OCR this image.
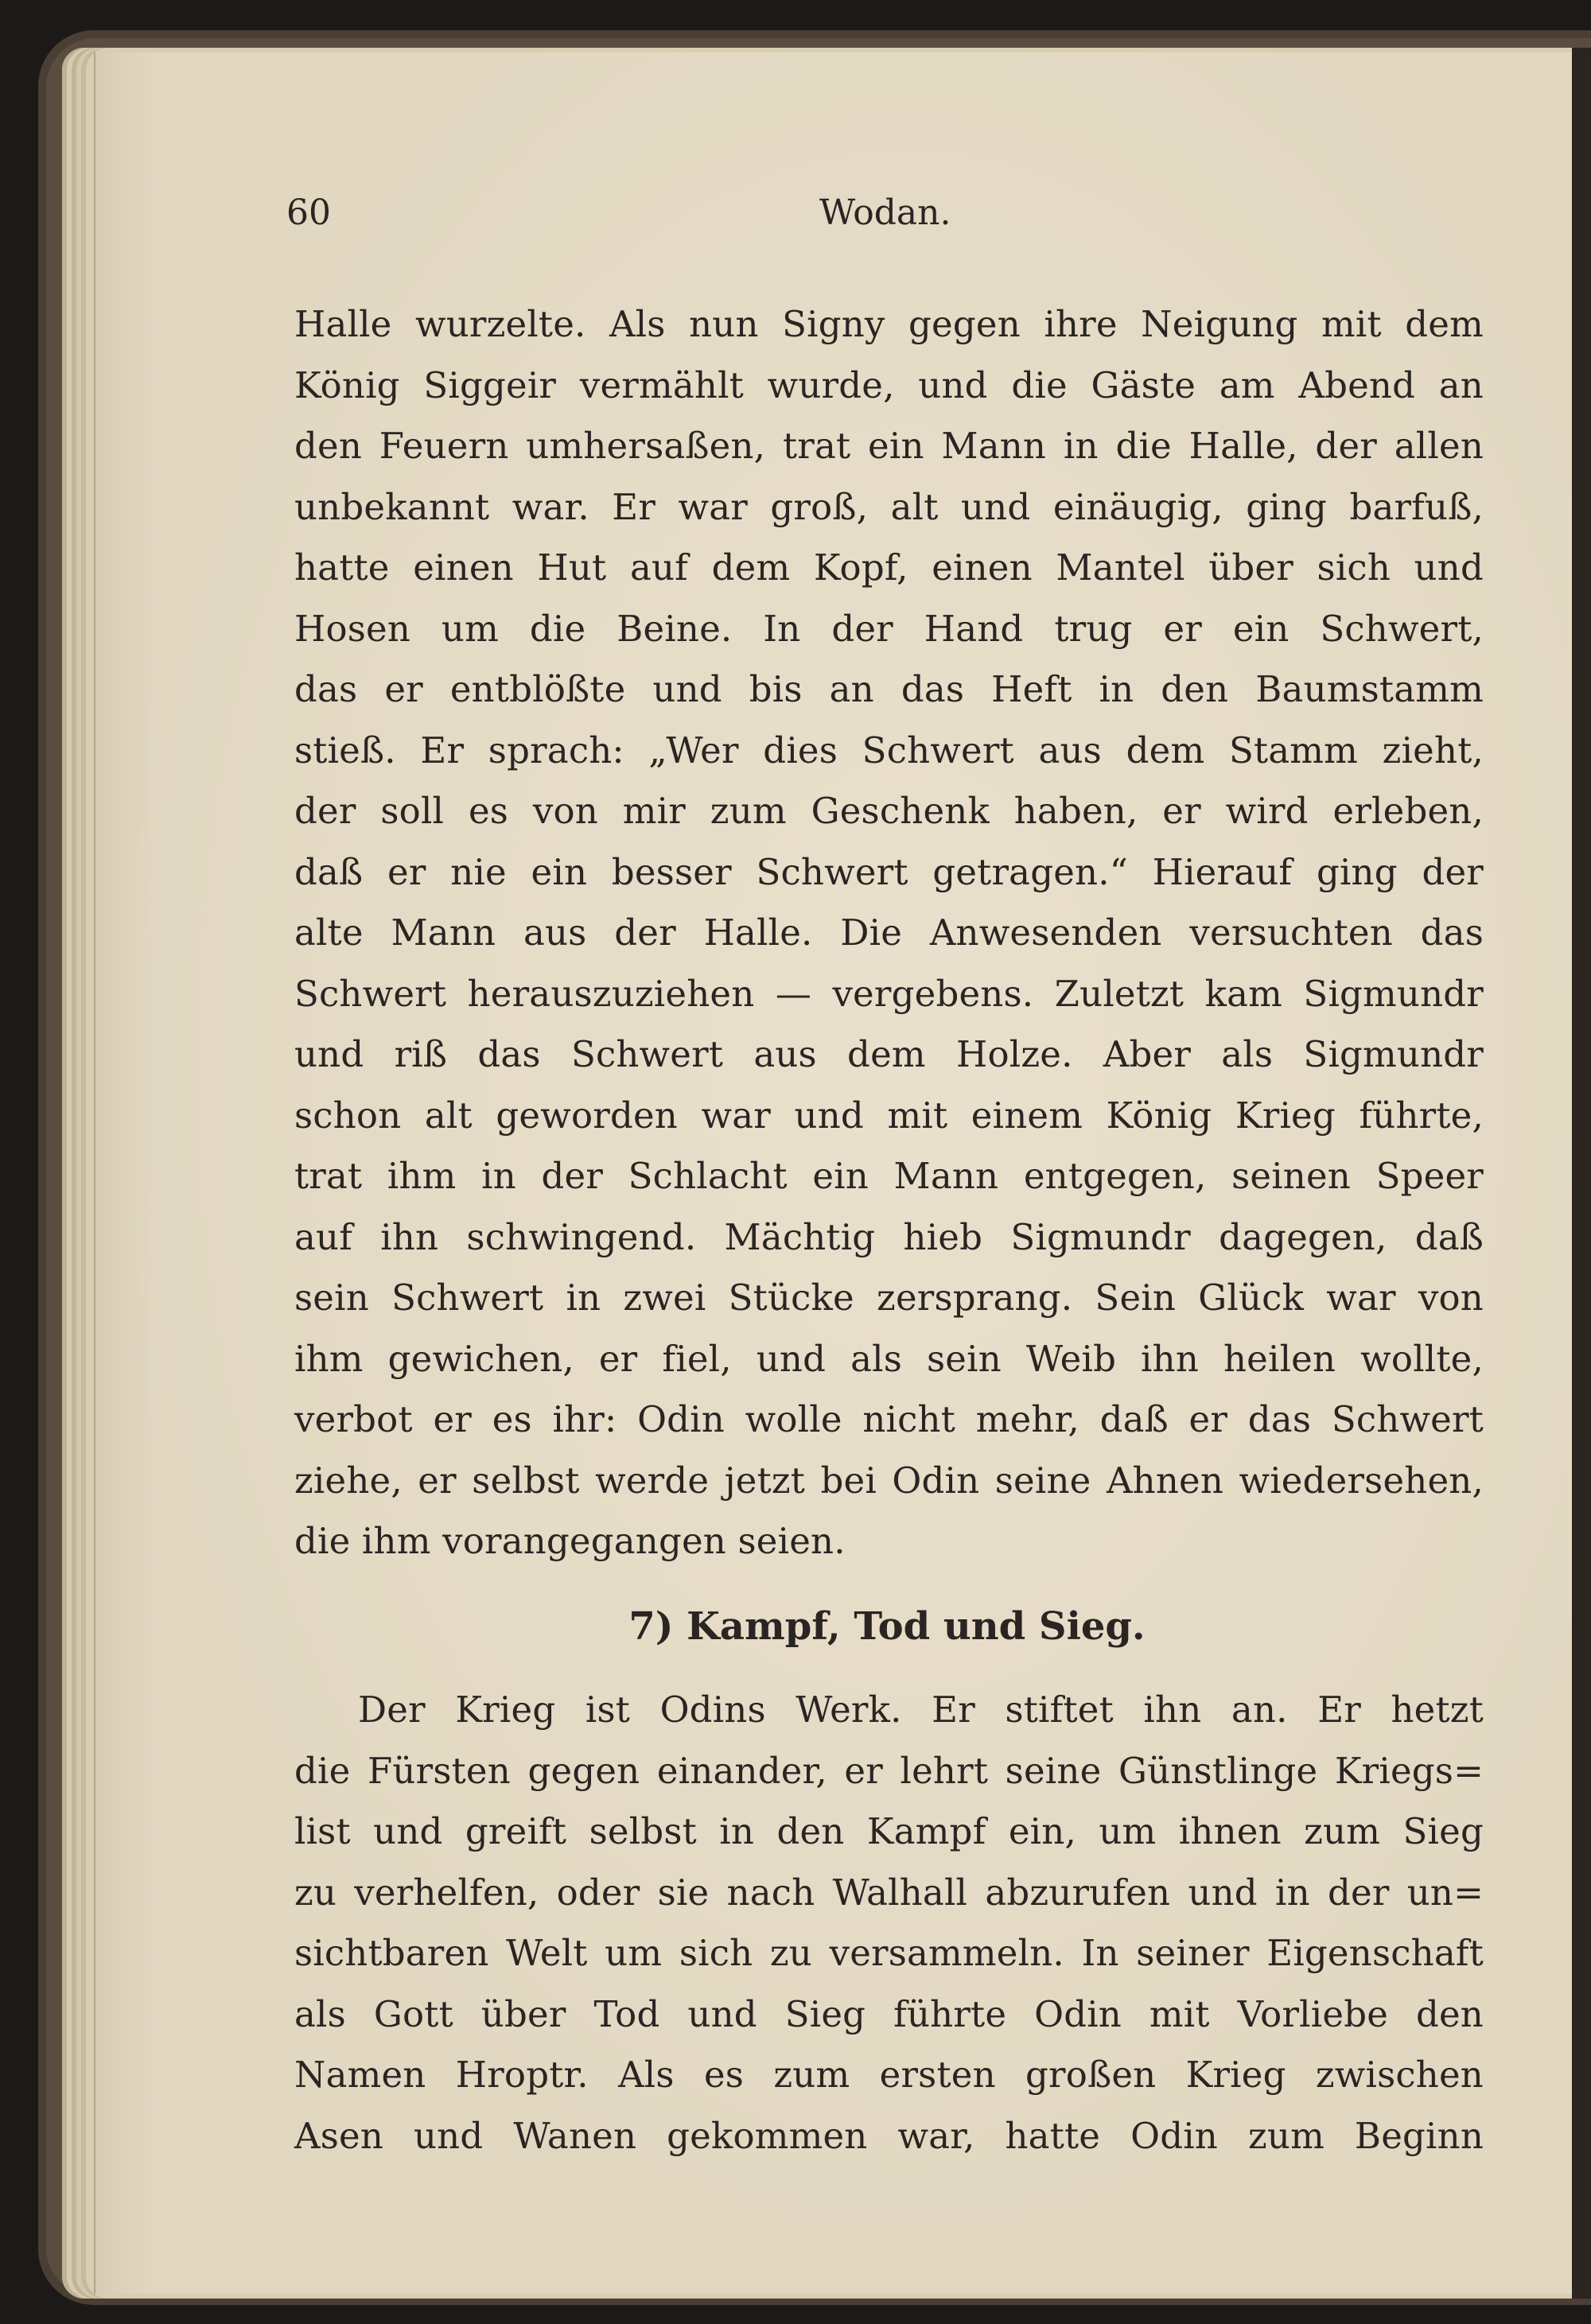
60	Wodan.
Halle wurzelte. Als nun Signy gegen ihre Neigung mit dem
König Siggeir vermählt wurde, und die Gäste am Abend an
den Feuern umhersaßen, trat ein Mann in die Halle, der allen
unbekannt war. Er war groß, alt und einäugig, ging barfuß,
hatte einen Hut auf dem Kopf, einen Mantel über sich und
Hosen um die Beine. In der Hand trug er ein Schwert,
das er entblößte und bis an das Heft in den Baumstamm
stieß. Er sprach: „Wer dies Schwert aus dem Stamm zieht,
der soll es von mir zum Geschenk haben, er wird erleben,
daß er nie ein besser Schwert getragen.“ Hierauf ging der
alte Mann aus der Halle. Die Anwesenden versuchten das
Schwert herauszuziehen — vergebens. Zuletzt kam Sigmundr
und riß das Schwert aus dem Holze. Aber als Sigmundr
schon alt geworden war und mit einem König Krieg führte,
trat ihm in der Schlacht ein Mann entgegen, seinen Speer
auf ihn schwingend. Mächtig hieb Sigmundr dagegen, daß
sein Schwert in zwei Stücke zersprang. Sein Glück war von
ihm gewichen, er fiel, und als sein Weib ihn heilen wollte,
verbot er es ihr: Odin wolle nicht mehr, daß er das Schwert
ziehe, er selbst werde jetzt bei Odin seine Ahnen wiedersehen,
die ihm vorangegangen seien.
7) Kampf, Tod und Sieg.
Der Krieg ist Odins Werk. Er stiftet ihn an. Er hetzt
die Fürsten gegen einander, er lehrt seine Günstlinge Kriegs=
list und greift selbst in den Kampf ein, um ihnen zum Sieg
zu verhelfen, oder sie nach Walhall abzurufen und in der un=
sichtbaren Welt um sich zu versammeln. In seiner Eigenschaft
als Gott über Tod und Sieg führte Odin mit Vorliebe den
Namen Hroptr. Als es zum ersten großen Krieg zwischen
Asen und Wanen gekommen war, hatte Odin zum Beginn
